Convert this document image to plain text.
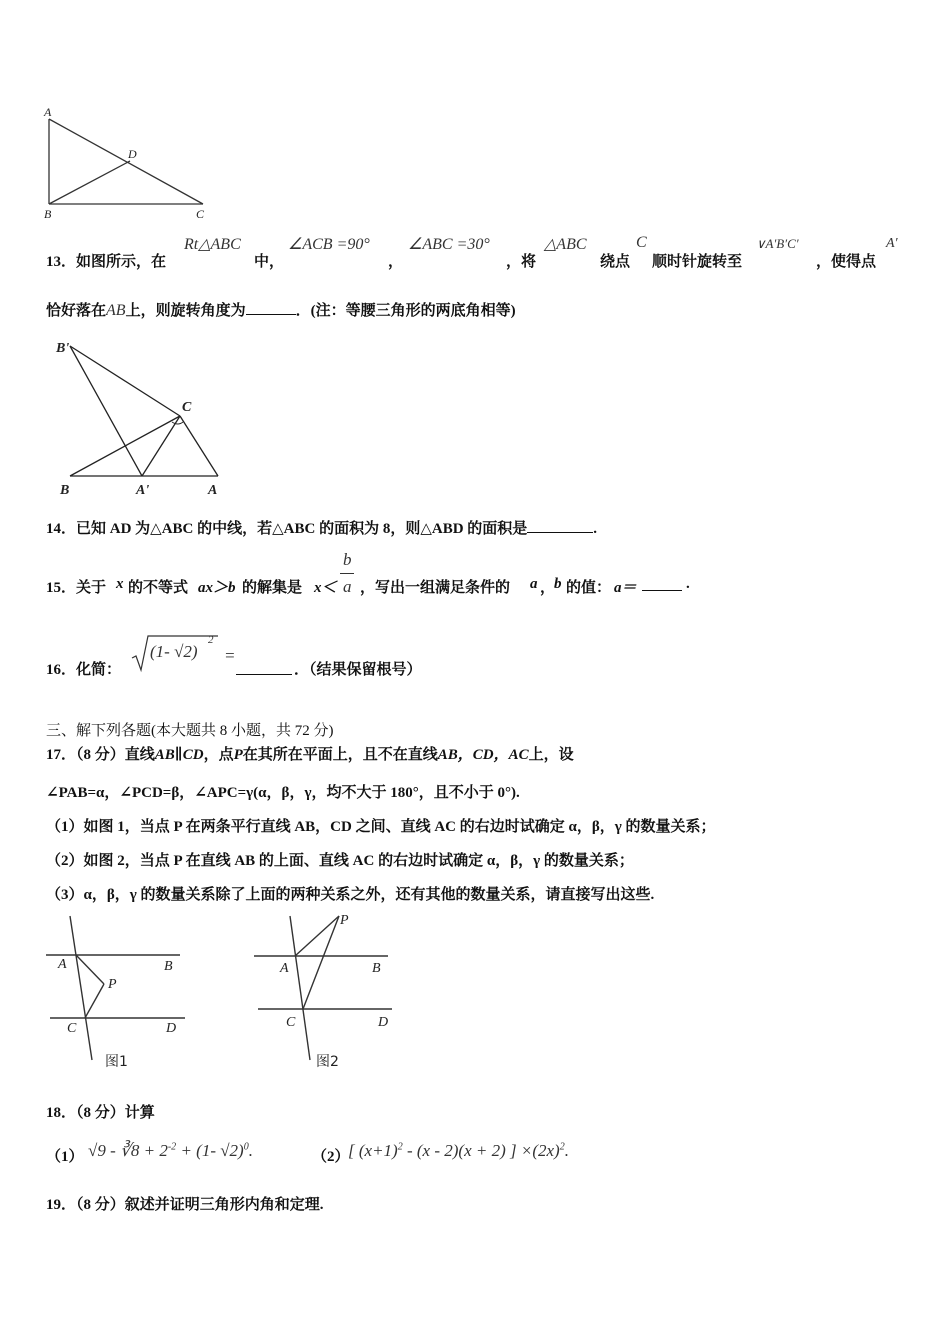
A
D
B	C
13．如图所示，在
Rt△ABC
中，
∠ACB =90°
，
∠ABC =30°
，将
△ABC
绕点
C
顺时针旋转至
∨A′B′C′
，使得点
A′
恰好落在AB上，则旋转角度为	．(注：等腰三角形的两底角相等)
B'
C
B	A'	A
14．已知 AD 为△ABC 的中线，若△ABC 的面积为 8，则△ABD 的面积是	.
15．关于 x 的不等式 ax＞b 的解集是 x＜
b
a ，写出一组满足条件的 a ，
b 的值： a＝	.
16．化简：
(1- √2)
2
=
．（结果保留根号）
三、解下列各题(本大题共 8 小题，共 72 分)
17．（8 分）直线AB∥CD，点P在其所在平面上，且不在直线AB，CD，AC上，设
∠PAB=α，∠PCD=β，∠APC=γ(α，β，γ，均不大于 180°，且不小于 0°).
（1）如图 1，当点 P 在两条平行直线 AB，CD 之间、直线 AC 的右边时试确定 α，β，γ 的数量关系；
（2）如图 2，当点 P 在直线 AB 的上面、直线 AC 的右边时试确定 α，β，γ 的数量关系；
（3）α，β，γ 的数量关系除了上面的两种关系之外，还有其他的数量关系，请直接写出这些.
A	B
P
C	D
图1
P
A	B
C	D
图2
18．（8 分）计算
（1） √9 - ∛8 + $2^{-2} + (1-$ √2)$^0$.	（2）
[ $(x+1)^2 - (x - 2)(x + 2)$ ] $\times(2x)^2$.
19．（8 分）叙述并证明三角形内角和定理.
